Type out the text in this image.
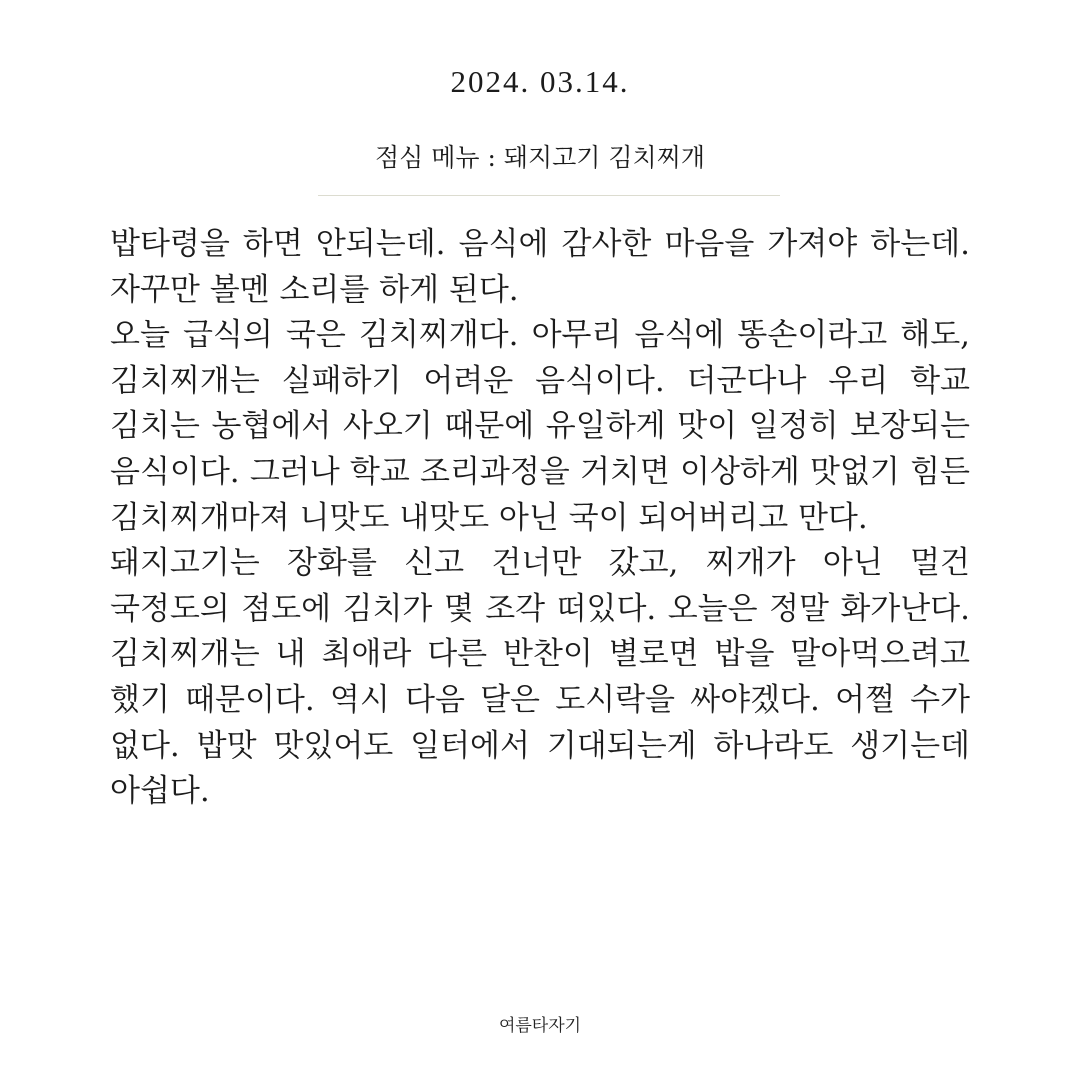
2024. 03.14.
점심 메뉴 : 돼지고기 김치찌개

밥타령을 하면 안되는데. 음식에 감사한 마음을 가져야 하는데. 자꾸만 볼멘 소리를 하게 된다.

오늘 급식의 국은 김치찌개다. 아무리 음식에 똥손이라고 해도, 김치찌개는 실패하기 어려운 음식이다. 더군다나 우리 학교 김치는 농협에서 사오기 때문에 유일하게 맛이 일정히 보장되는 음식이다. 그러나 학교 조리과정을 거치면 이상하게 맛없기 힘든 김치찌개마져 니맛도 내맛도 아닌 국이 되어버리고 만다.

돼지고기는 장화를 신고 건너만 갔고, 찌개가 아닌 멀건 국정도의 점도에 김치가 몇 조각 떠있다. 오늘은 정말 화가난다. 김치찌개는 내 최애라 다른 반찬이 별로면 밥을 말아먹으려고 했기 때문이다. 역시 다음 달은 도시락을 싸야겠다. 어쩔 수가 없다. 밥맛 맛있어도 일터에서 기대되는게 하나라도 생기는데 아쉽다.

여름타자기
